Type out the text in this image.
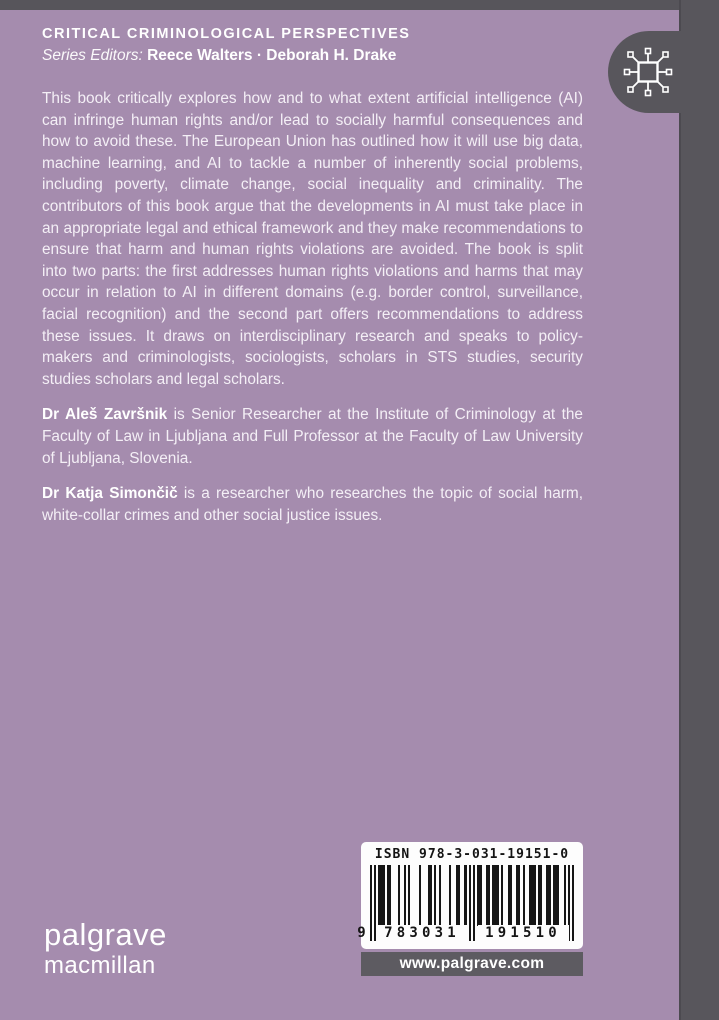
CRITICAL CRIMINOLOGICAL PERSPECTIVES

Series Editors: Reece Walters · Deborah H. Drake

This book critically explores how and to what extent artificial intelligence (AI) can infringe human rights and/or lead to socially harmful consequences and how to avoid these. The European Union has outlined how it will use big data, machine learning, and AI to tackle a number of inherently social problems, including poverty, climate change, social inequality and criminality. The contributors of this book argue that the developments in AI must take place in an appropriate legal and ethical framework and they make recommendations to ensure that harm and human rights violations are avoided. The book is split into two parts: the first addresses human rights violations and harms that may occur in relation to AI in different domains (e.g. border control, surveillance, facial recognition) and the second part offers recommendations to address these issues. It draws on interdisciplinary research and speaks to policy-makers and criminologists, sociologists, scholars in STS studies, security studies scholars and legal scholars.

Dr Aleš Završnik is Senior Researcher at the Institute of Criminology at the Faculty of Law in Ljubljana and Full Professor at the Faculty of Law University of Ljubljana, Slovenia.

Dr Katja Simončič is a researcher who researches the topic of social harm, white-collar crimes and other social justice issues.

palgrave
macmillan
ISBN 978-3-031-19151-0
9	783031	191510
www.palgrave.com
